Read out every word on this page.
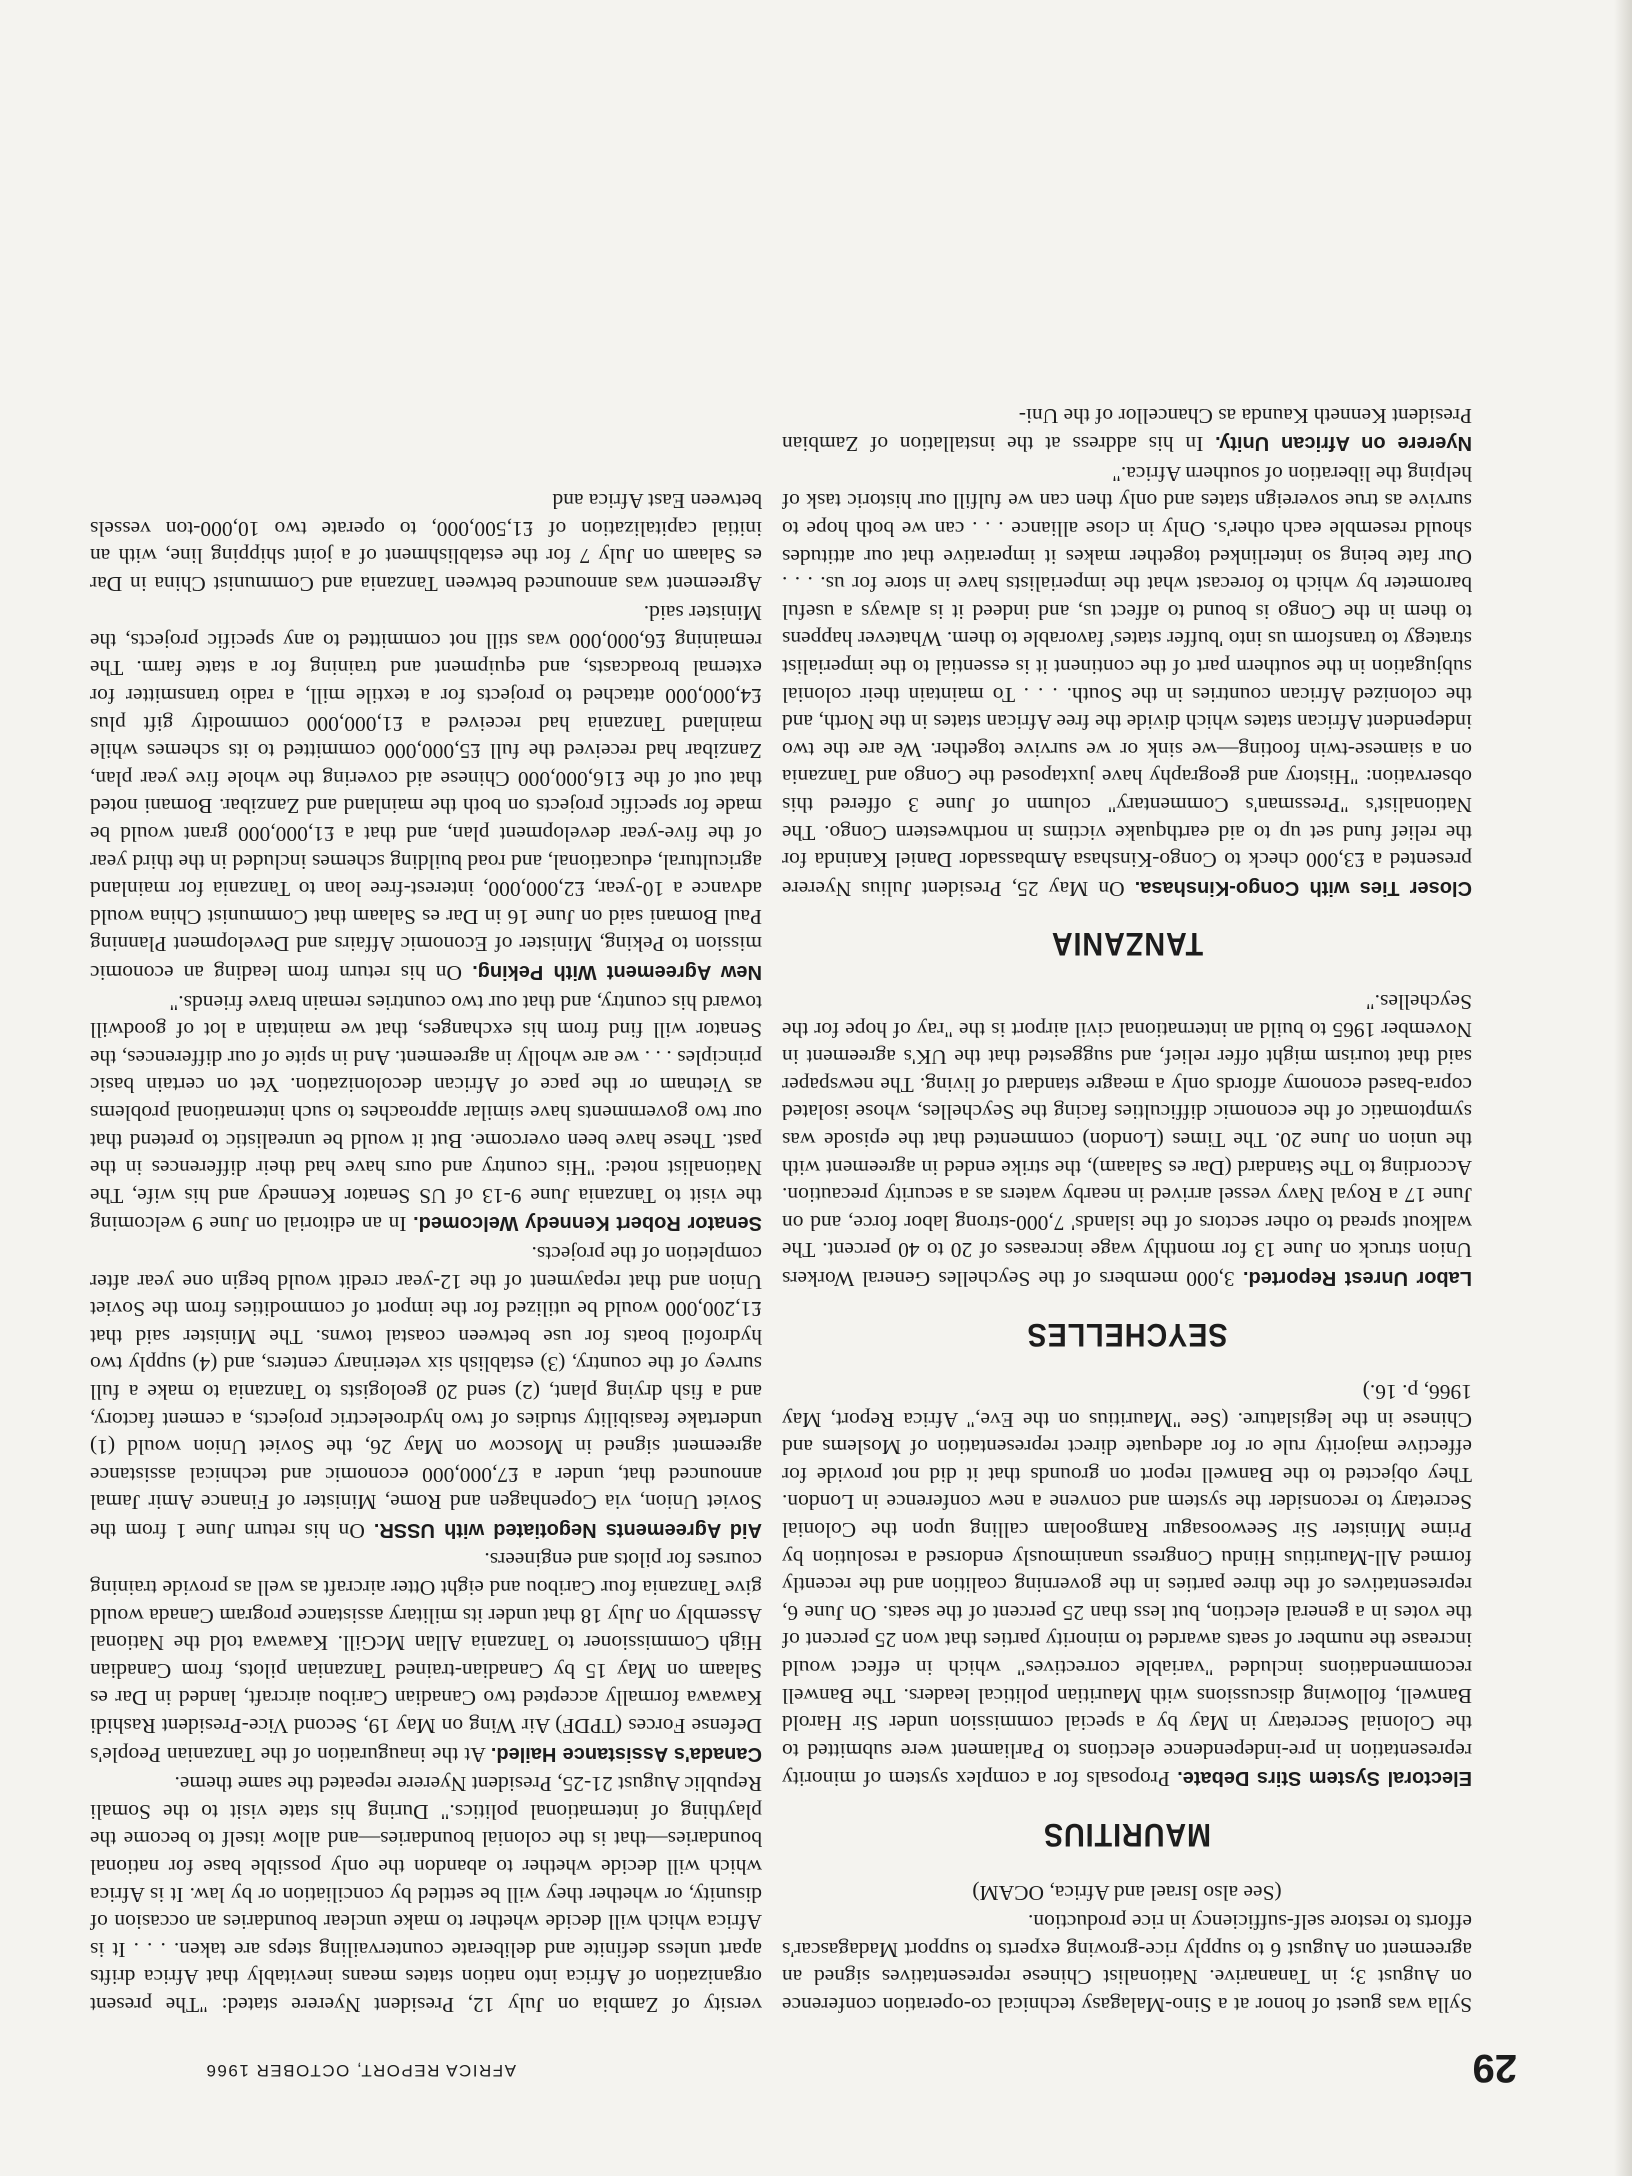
29
AFRICA REPORT, OCTOBER 1966

Sylla was guest of honor at a Sino-Malagasy technical co-operation conference on August 3; in Tananarive. Nationalist Chinese representatives signed an agreement on August 6 to supply rice-growing experts to support Madagascar's efforts to restore self-sufficiency in rice production.

(See also Israel and Africa, OCAM)

MAURITIUS

Electoral System Stirs Debate. Proposals for a complex system of minority representation in pre-independence elections to Parliament were submitted to the Colonial Secretary in May by a special commission under Sir Harold Banwell, following discussions with Mauritian political leaders. The Banwell recommendations included "variable correctives" which in effect would increase the number of seats awarded to minority parties that won 25 percent of the votes in a general election, but less than 25 percent of the seats. On June 6, representatives of the three parties in the governing coalition and the recently formed All-Mauritius Hindu Congress unanimously endorsed a resolution by Prime Minister Sir Seewoosagur Ramgoolam calling upon the Colonial Secretary to reconsider the system and convene a new conference in London. They objected to the Banwell report on grounds that it did not provide for effective majority rule or for adequate direct representation of Moslems and Chinese in the legislature. (See "Mauritius on the Eve," Africa Report, May 1966, p. 16.)

SEYCHELLES

Labor Unrest Reported. 3,000 members of the Seychelles General Workers Union struck on June 13 for monthly wage increases of 20 to 40 percent. The walkout spread to other sectors of the islands' 7,000-strong labor force, and on June 17 a Royal Navy vessel arrived in nearby waters as a security precaution. According to The Standard (Dar es Salaam), the strike ended in agreement with the union on June 20. The Times (London) commented that the episode was symptomatic of the economic difficulties facing the Seychelles, whose isolated copra-based economy affords only a meagre standard of living. The newspaper said that tourism might offer relief, and suggested that the UK's agreement in November 1965 to build an international civil airport is the "ray of hope for the Seychelles."

TANZANIA

Closer Ties with Congo-Kinshasa. On May 25, President Julius Nyerere presented a £3,000 check to Congo-Kinshasa Ambassador Daniel Kaninda for the relief fund set up to aid earthquake victims in northwestern Congo. The Nationalist's "Pressman's Commentary" column of June 3 offered this observation: "History and geography have juxtaposed the Congo and Tanzania on a siamese-twin footing—we sink or we survive together. We are the two independent African states which divide the free African states in the North, and the colonized African countries in the South. . . . To maintain their colonial subjugation in the southern part of the continent it is essential to the imperialist strategy to transform us into 'buffer states' favorable to them. Whatever happens to them in the Congo is bound to affect us, and indeed it is always a useful barometer by which to forecast what the imperialists have in store for us. . . . Our fate being so interlinked together makes it imperative that our attitudes should resemble each other's. Only in close alliance . . . can we both hope to survive as true sovereign states and only then can we fulfill our historic task of helping the liberation of southern Africa."

Nyerere on African Unity. In his address at the installation of Zambian President Kenneth Kaunda as Chancellor of the Uni-

versity of Zambia on July 12, President Nyerere stated: "The present organization of Africa into nation states means inevitably that Africa drifts apart unless definite and deliberate countervailing steps are taken. . . . It is Africa which will decide whether to make unclear boundaries an occasion of disunity, or whether they will be settled by conciliation or by law. It is Africa which will decide whether to abandon the only possible base for national boundaries—that is the colonial boundaries—and allow itself to become the plaything of international politics." During his state visit to the Somali Republic August 21-25, President Nyerere repeated the same theme.

Canada's Assistance Hailed. At the inauguration of the Tanzanian People's Defense Forces (TPDF) Air Wing on May 19, Second Vice-President Rashidi Kawawa formally accepted two Canadian Caribou aircraft, landed in Dar es Salaam on May 15 by Canadian-trained Tanzanian pilots, from Canadian High Commissioner to Tanzania Allan McGill. Kawawa told the National Assembly on July 18 that under its military assistance program Canada would give Tanzania four Caribou and eight Otter aircraft as well as provide training courses for pilots and engineers.

Aid Agreements Negotiated with USSR. On his return June 1 from the Soviet Union, via Copenhagen and Rome, Minister of Finance Amir Jamal announced that, under a £7,000,000 economic and technical assistance agreement signed in Moscow on May 26, the Soviet Union would (1) undertake feasibility studies of two hydroelectric projects, a cement factory, and a fish drying plant, (2) send 20 geologists to Tanzania to make a full survey of the country, (3) establish six veterinary centers, and (4) supply two hydrofoil boats for use between coastal towns. The Minister said that £1,200,000 would be utilized for the import of commodities from the Soviet Union and that repayment of the 12-year credit would begin one year after completion of the projects.

Senator Robert Kennedy Welcomed. In an editorial on June 9 welcoming the visit to Tanzania June 9-13 of US Senator Kennedy and his wife, The Nationalist noted: "His country and ours have had their differences in the past. These have been overcome. But it would be unrealistic to pretend that our two governments have similar approaches to such international problems as Vietnam or the pace of African decolonization. Yet on certain basic principles . . . we are wholly in agreement. And in spite of our differences, the Senator will find from his exchanges, that we maintain a lot of goodwill toward his country, and that our two countries remain brave friends."

New Agreement With Peking. On his return from leading an economic mission to Peking, Minister of Economic Affairs and Development Planning Paul Bomani said on June 16 in Dar es Salaam that Communist China would advance a 10-year, £2,000,000, interest-free loan to Tanzania for mainland agricultural, educational, and road building schemes included in the third year of the five-year development plan, and that a £1,000,000 grant would be made for specific projects on both the mainland and Zanzibar. Bomani noted that out of the £16,000,000 Chinese aid covering the whole five year plan, Zanzibar had received the full £5,000,000 committed to its schemes while mainland Tanzania had received a £1,000,000 commodity gift plus £4,000,000 attached to projects for a textile mill, a radio transmitter for external broadcasts, and equipment and training for a state farm. The remaining £6,000,000 was still not committed to any specific projects, the Minister said.

Agreement was announced between Tanzania and Communist China in Dar es Salaam on July 7 for the establishment of a joint shipping line, with an initial capitalization of £1,500,000, to operate two 10,000-ton vessels between East Africa and
